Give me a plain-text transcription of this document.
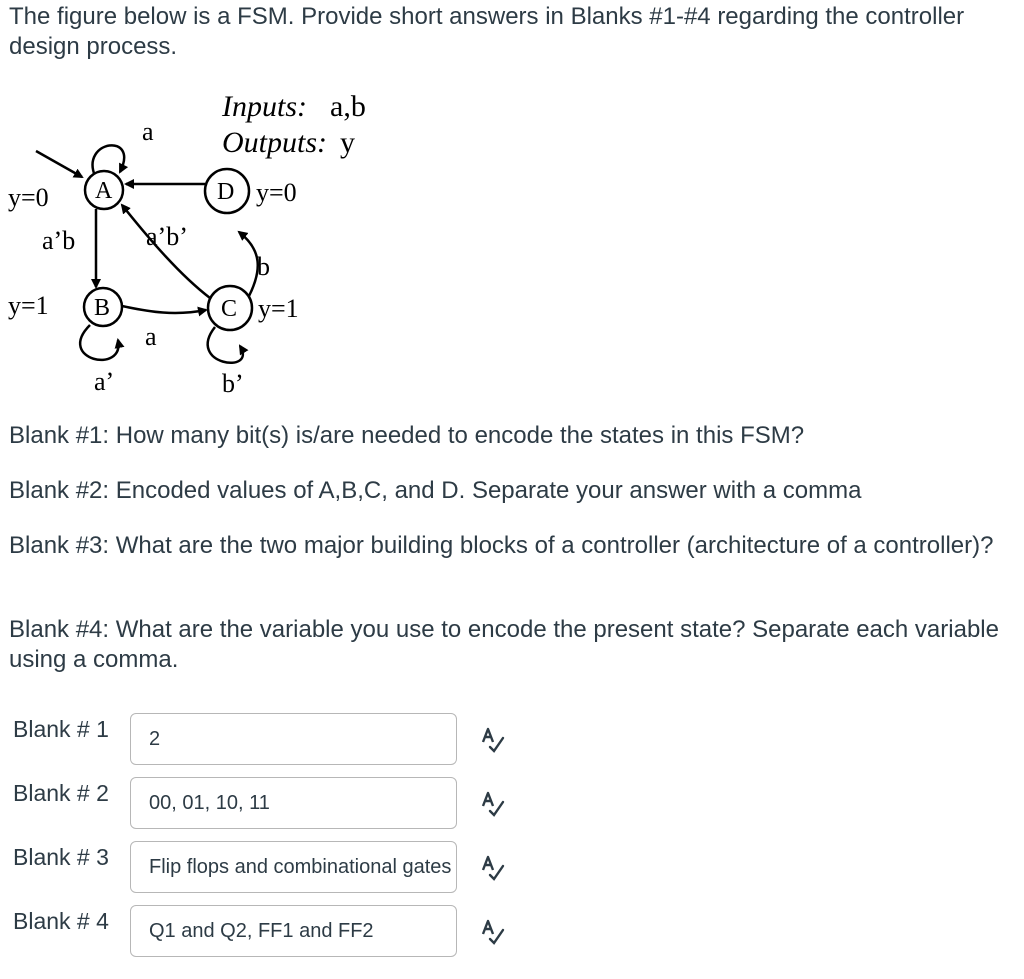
The figure below is a FSM. Provide short answers in Blanks #1-#4 regarding the controller design process.

Inputs: a,b
Outputs: y
a
A
y=0	D y=0
a’b	a’b’
B
y=1	C y=1
a
b
a’	b’

Blank #1: How many bit(s) is/are needed to encode the states in this FSM?

Blank #2: Encoded values of A,B,C, and D. Separate your answer with a comma

Blank #3: What are the two major building blocks of a controller (architecture of a controller)?

Blank #4: What are the variable you use to encode the present state? Separate each variable using a comma.

Blank # 1

2

Blank # 2

00, 01, 10, 11

Blank # 3

Flip flops and combinational gates

Blank # 4

Q1 and Q2, FF1 and FF2
